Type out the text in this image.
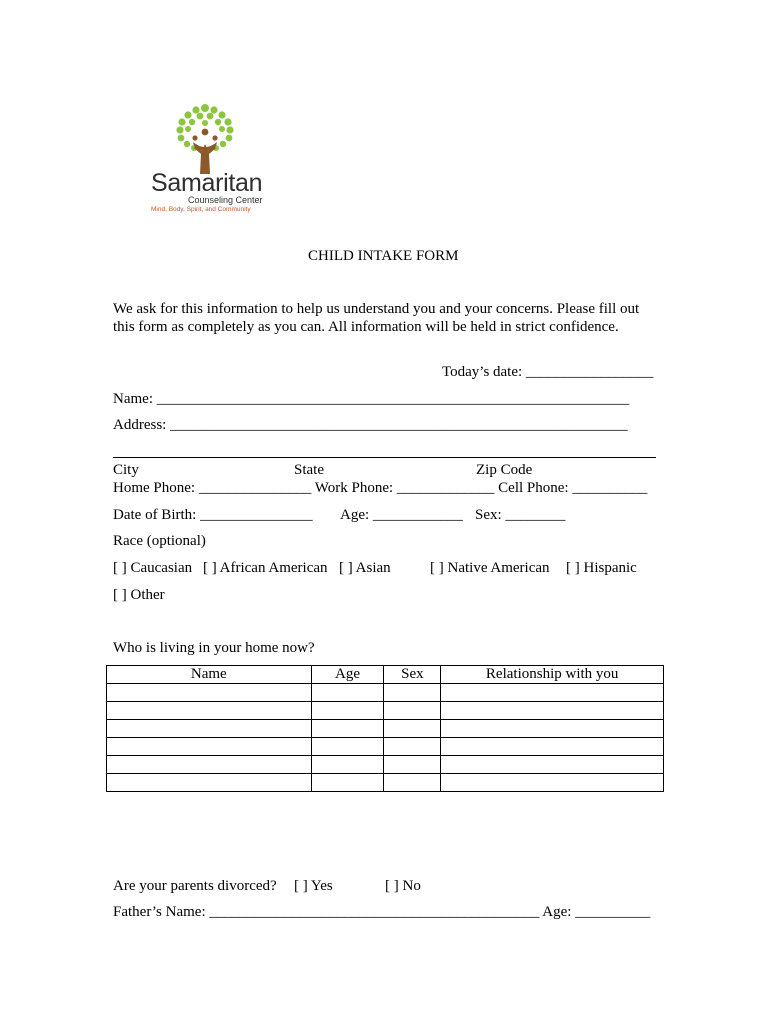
Samaritan
Counseling Center
Mind, Body, Spirit, and Community
CHILD INTAKE FORM
We ask for this information to help us understand you and your concerns. Please fill out
this form as completely as you can. All information will be held in strict confidence.
Today’s date: _________________
Name: _______________________________________________________________
Address: _____________________________________________________________
City	State	Zip Code
Home Phone: _______________ Work Phone: _____________ Cell Phone: __________
Date of Birth: _______________ Age: ____________ Sex: ________
Race (optional)
[ ] Caucasian [ ] African American [ ] Asian	[ ] Native American [ ] Hispanic
[ ] Other
Who is living in your home now?
Name	Age	Sex	Relationship with you

Are your parents divorced? [ ] Yes	[ ] No
Father’s Name: ____________________________________________ Age: __________
